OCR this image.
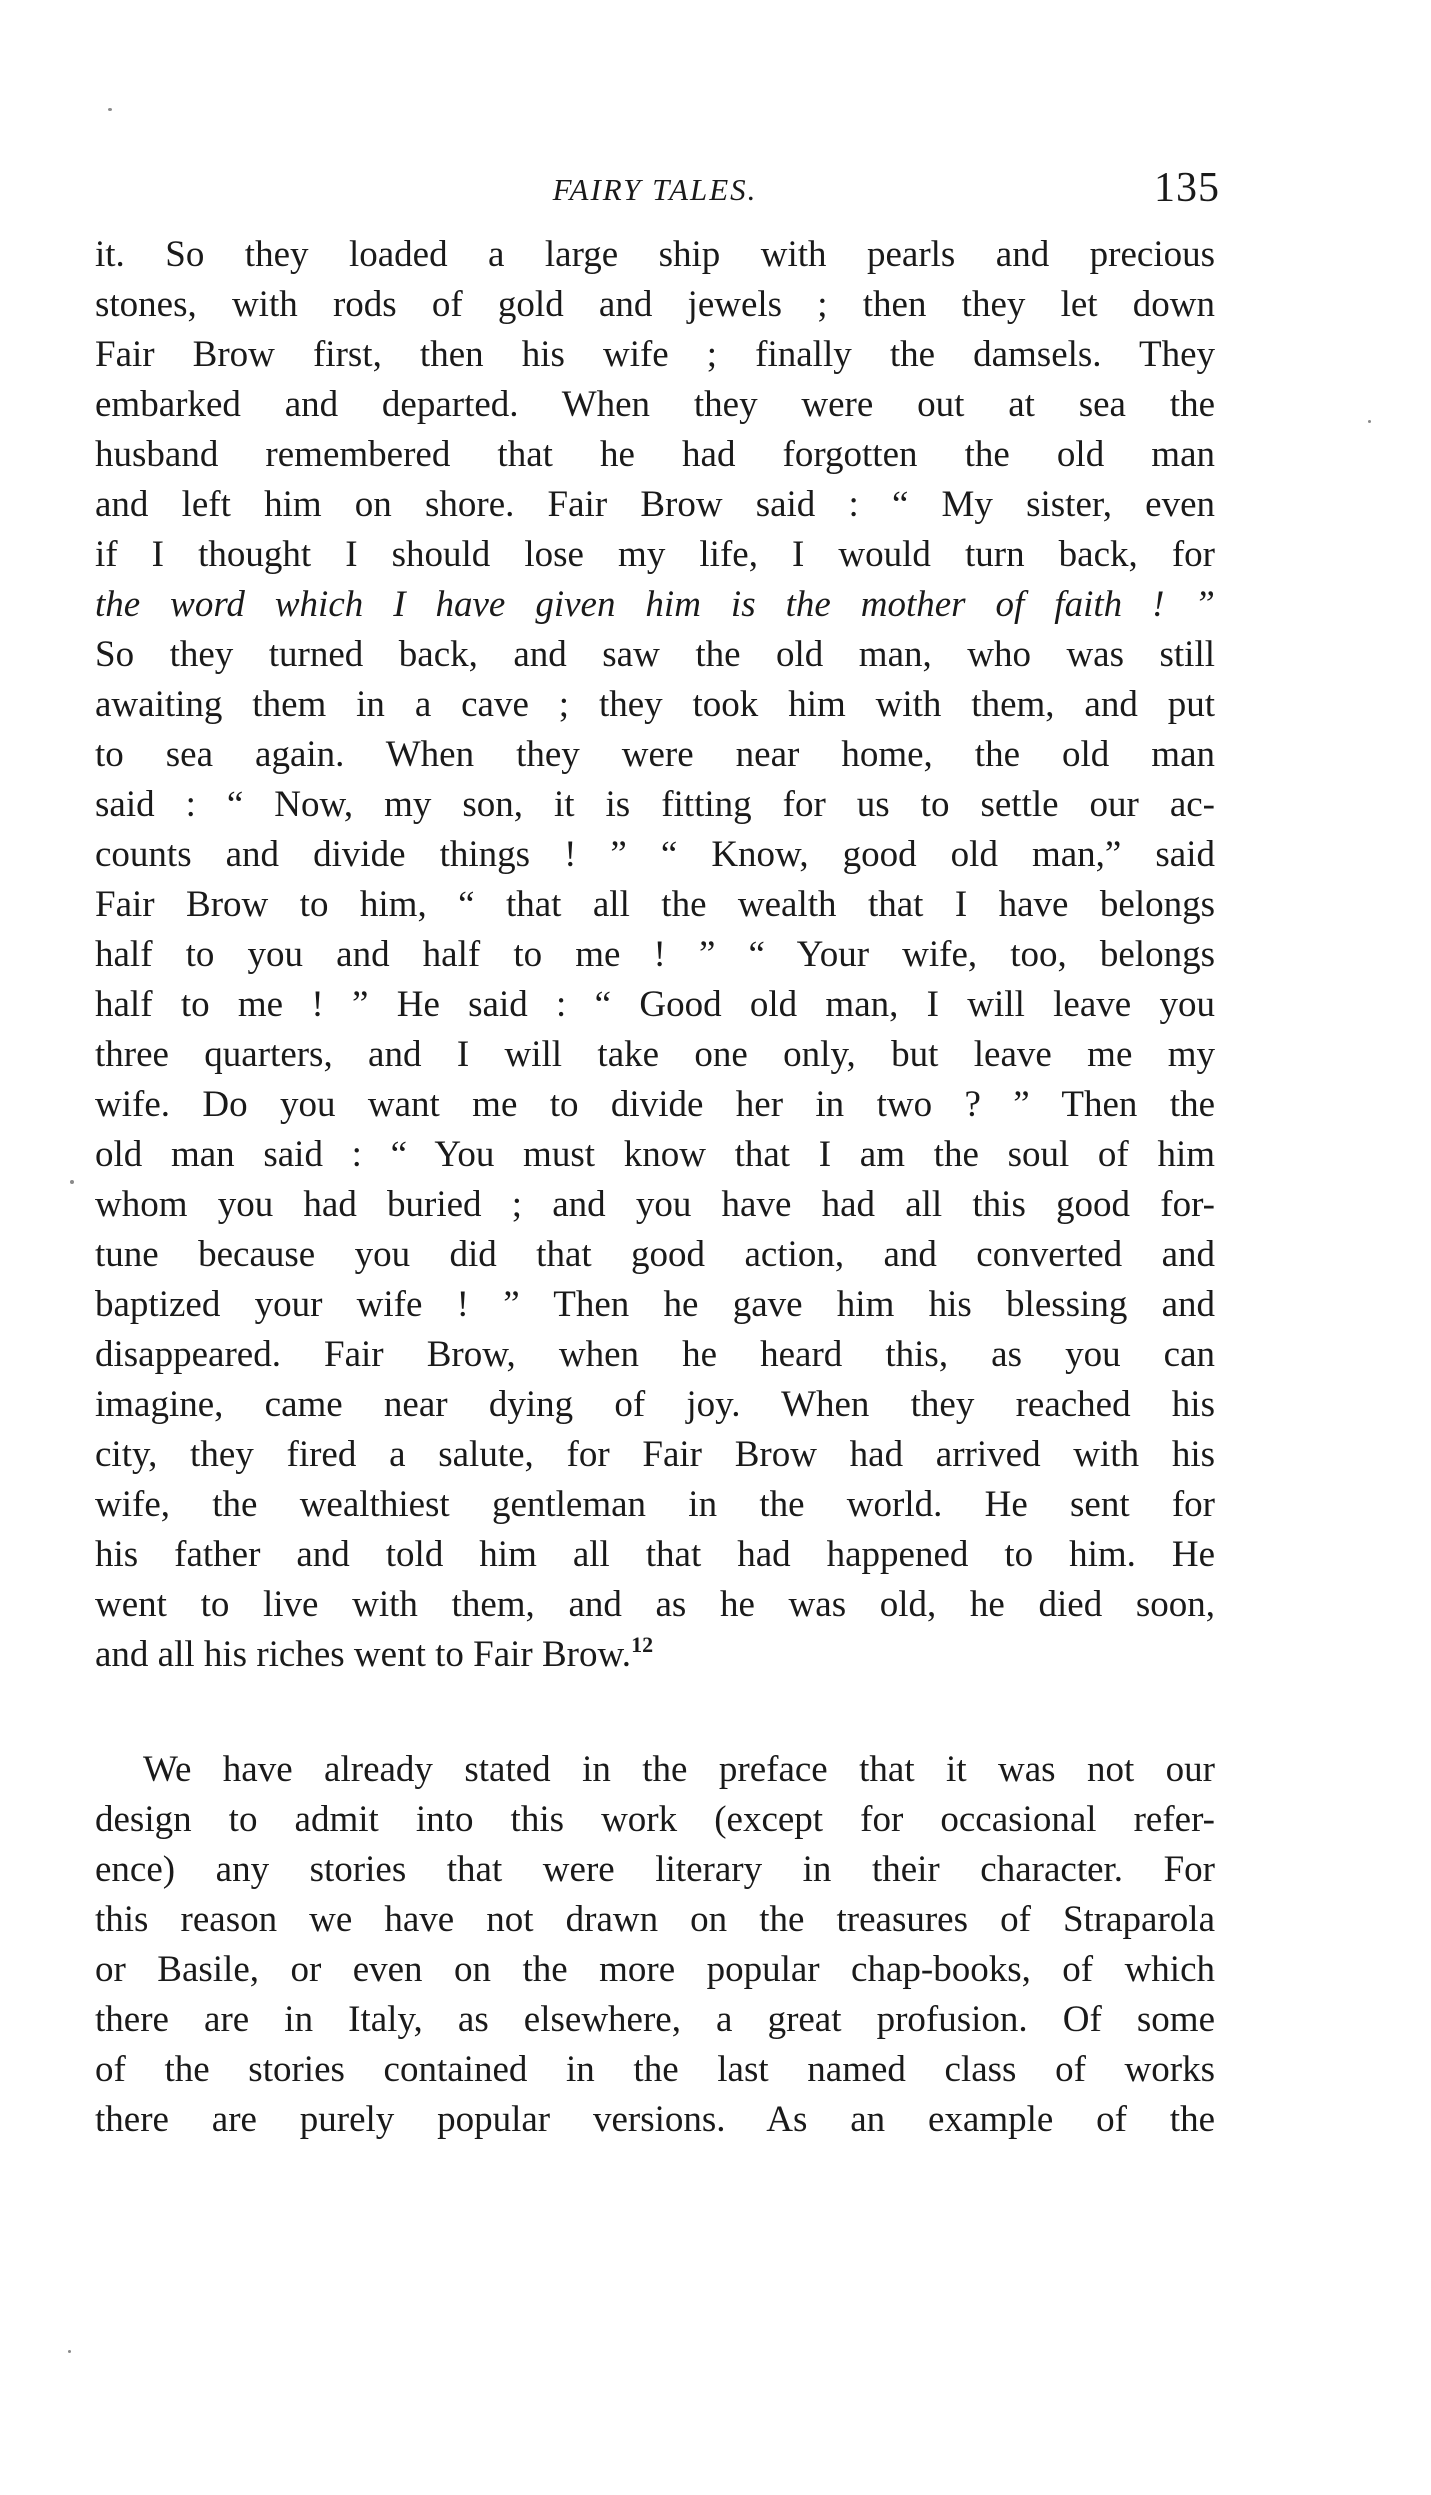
FAIRY TALES.	135
it. So they loaded a large ship with pearls and precious
stones, with rods of gold and jewels ; then they let down
Fair Brow first, then his wife ; finally the damsels. They
embarked and departed. When they were out at sea the
husband remembered that he had forgotten the old man
and left him on shore. Fair Brow said : “ My sister, even
if I thought I should lose my life, I would turn back, for
the word which I have given him is the mother of faith ! ”
So they turned back, and saw the old man, who was still
awaiting them in a cave ; they took him with them, and put
to sea again. When they were near home, the old man
said : “ Now, my son, it is fitting for us to settle our ac-
counts and divide things ! ” “ Know, good old man,” said
Fair Brow to him, “ that all the wealth that I have belongs
half to you and half to me ! ” “ Your wife, too, belongs
half to me ! ” He said : “ Good old man, I will leave you
three quarters, and I will take one only, but leave me my
wife. Do you want me to divide her in two ? ” Then the
old man said : “ You must know that I am the soul of him
whom you had buried ; and you have had all this good for-
tune because you did that good action, and converted and
baptized your wife ! ” Then he gave him his blessing and
disappeared. Fair Brow, when he heard this, as you can
imagine, came near dying of joy. When they reached his
city, they fired a salute, for Fair Brow had arrived with his
wife, the wealthiest gentleman in the world. He sent for
his father and told him all that had happened to him. He
went to live with them, and as he was old, he died soon,
and all his riches went to Fair Brow.$^{12}$
We have already stated in the preface that it was not our
design to admit into this work (except for occasional refer-
ence) any stories that were literary in their character. For
this reason we have not drawn on the treasures of Straparola
or Basile, or even on the more popular chap-books, of which
there are in Italy, as elsewhere, a great profusion. Of some
of the stories contained in the last named class of works
there are purely popular versions. As an example of the
